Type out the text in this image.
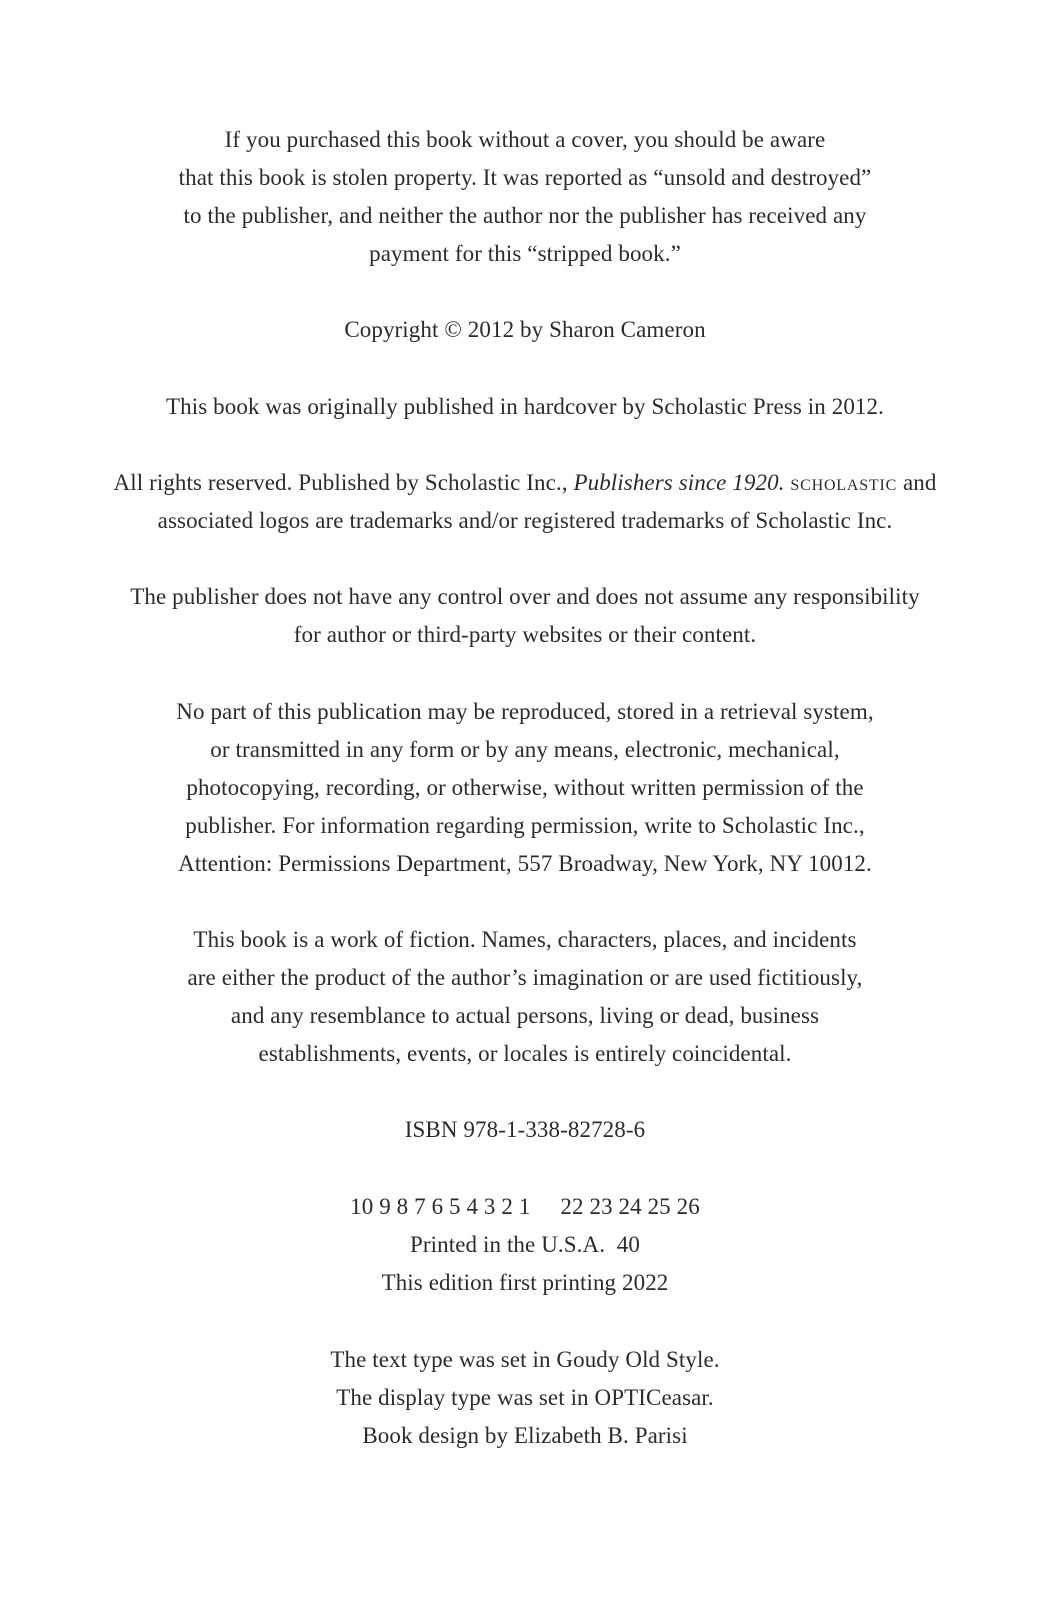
If you purchased this book without a cover, you should be aware
that this book is stolen property. It was reported as “unsold and destroyed”
to the publisher, and neither the author nor the publisher has received any
payment for this “stripped book.”
Copyright © 2012 by Sharon Cameron
This book was originally published in hardcover by Scholastic Press in 2012.
All rights reserved. Published by Scholastic Inc., Publishers since 1920. scholastic and
associated logos are trademarks and/or registered trademarks of Scholastic Inc.
The publisher does not have any control over and does not assume any responsibility
for author or third-party websites or their content.
No part of this publication may be reproduced, stored in a retrieval system,
or transmitted in any form or by any means, electronic, mechanical,
photocopying, recording, or otherwise, without written permission of the
publisher. For information regarding permission, write to Scholastic Inc.,
Attention: Permissions Department, 557 Broadway, New York, NY 10012.
This book is a work of fiction. Names, characters, places, and incidents
are either the product of the author’s imagination or are used fictitiously,
and any resemblance to actual persons, living or dead, business
establishments, events, or locales is entirely coincidental.
ISBN 978-1-338-82728-6
10 9 8 7 6 5 4 3 2 1 22 23 24 25 26
Printed in the U.S.A.  40
This edition first printing 2022
The text type was set in Goudy Old Style.
The display type was set in OPTICeasar.
Book design by Elizabeth B. Parisi
